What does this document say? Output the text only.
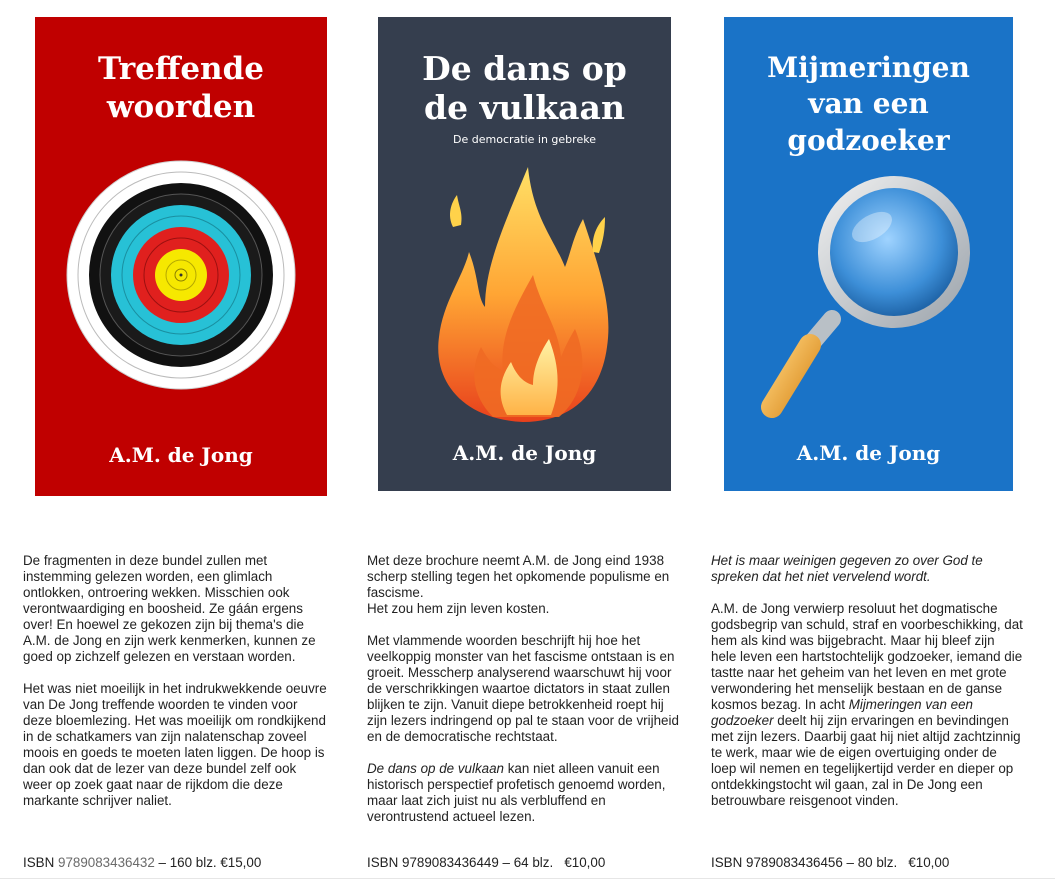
Treffende
woorden
A.M. de Jong

De fragmenten in deze bundel zullen met instemming gelezen worden, een glimlach ontlokken, ontroering wekken. Misschien ook verontwaardiging en boosheid. Ze gáán ergens over! En hoewel ze gekozen zijn bij thema's die A.M. de Jong en zijn werk kenmerken, kunnen ze goed op zichzelf gelezen en verstaan worden.

Het was niet moeilijk in het indrukwekkende oeuvre van De Jong treffende woorden te vinden voor deze bloemlezing. Het was moeilijk om rondkijkend in de schatkamers van zijn nalatenschap zoveel moois en goeds te moeten laten liggen. De hoop is dan ook dat de lezer van deze bundel zelf ook weer op zoek gaat naar de rijkdom die deze markante schrijver naliet.

ISBN 9789083436432 – 160 blz. €15,00
De dans op
de vulkaan
De democratie in gebreke
A.M. de Jong

Met deze brochure neemt A.M. de Jong eind 1938 scherp stelling tegen het opkomende populisme en fascisme.
Het zou hem zijn leven kosten.

Met vlammende woorden beschrijft hij hoe het veelkoppig monster van het fascisme ontstaan is en groeit. Messcherp analyserend waarschuwt hij voor de verschrikkingen waartoe dictators in staat zullen blijken te zijn. Vanuit diepe betrokkenheid roept hij zijn lezers indringend op pal te staan voor de vrijheid en de democratische rechtstaat.

De dans op de vulkaan kan niet alleen vanuit een historisch perspectief profetisch genoemd worden, maar laat zich juist nu als verbluffend en verontrustend actueel lezen.

ISBN 9789083436449 – 64 blz.   €10,00
Mijmeringen
van een
godzoeker
A.M. de Jong

Het is maar weinigen gegeven zo over God te spreken dat het niet vervelend wordt.

A.M. de Jong verwierp resoluut het dogmatische godsbegrip van schuld, straf en voorbeschikking, dat hem als kind was bijgebracht. Maar hij bleef zijn hele leven een hartstochtelijk godzoeker, iemand die tastte naar het geheim van het leven en met grote verwondering het menselijk bestaan en de ganse kosmos bezag. In acht Mijmeringen van een godzoeker deelt hij zijn ervaringen en bevindingen met zijn lezers. Daarbij gaat hij niet altijd zachtzinnig te werk, maar wie de eigen overtuiging onder de loep wil nemen en tegelijkertijd verder en dieper op ontdekkingstocht wil gaan, zal in De Jong een betrouwbare reisgenoot vinden.

ISBN 9789083436456 – 80 blz.   €10,00
